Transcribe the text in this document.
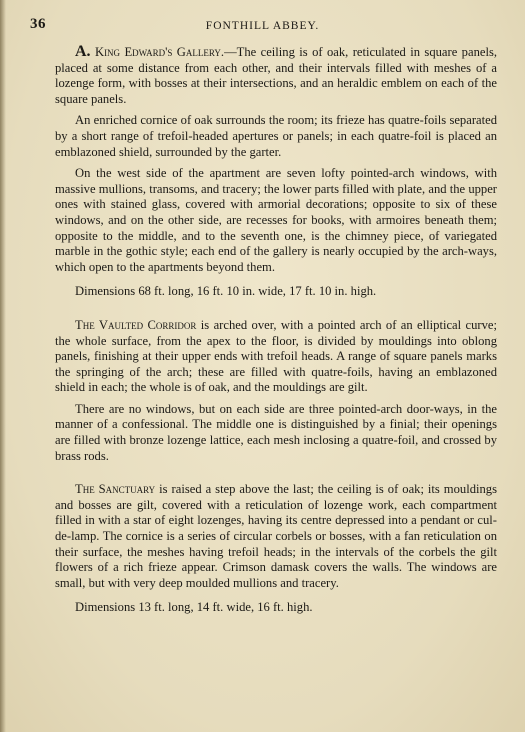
36	FONTHILL ABBEY.

A. King Edward's Gallery.—The ceiling is of oak, reticulated in square panels, placed at some distance from each other, and their intervals filled with meshes of a lozenge form, with bosses at their intersections, and an heraldic emblem on each of the square panels.

An enriched cornice of oak surrounds the room; its frieze has quatre-foils separated by a short range of trefoil-headed apertures or panels; in each quatre-foil is placed an emblazoned shield, surrounded by the garter.

On the west side of the apartment are seven lofty pointed-arch windows, with massive mullions, transoms, and tracery; the lower parts filled with plate, and the upper ones with stained glass, covered with armorial decorations; opposite to six of these windows, and on the other side, are recesses for books, with armoires beneath them; opposite to the middle, and to the seventh one, is the chimney piece, of variegated marble in the gothic style; each end of the gallery is nearly occupied by the arch-ways, which open to the apartments beyond them.

Dimensions 68 ft. long, 16 ft. 10 in. wide, 17 ft. 10 in. high.

The Vaulted Corridor is arched over, with a pointed arch of an elliptical curve; the whole surface, from the apex to the floor, is divided by mouldings into oblong panels, finishing at their upper ends with trefoil heads. A range of square panels marks the springing of the arch; these are filled with quatre-foils, having an emblazoned shield in each; the whole is of oak, and the mouldings are gilt.

There are no windows, but on each side are three pointed-arch door-ways, in the manner of a confessional. The middle one is distinguished by a finial; their openings are filled with bronze lozenge lattice, each mesh inclosing a quatre-foil, and crossed by brass rods.

The Sanctuary is raised a step above the last; the ceiling is of oak; its mouldings and bosses are gilt, covered with a reticulation of lozenge work, each compartment filled in with a star of eight lozenges, having its centre depressed into a pendant or cul-de-lamp. The cornice is a series of circular corbels or bosses, with a fan reticulation on their surface, the meshes having trefoil heads; in the intervals of the corbels the gilt flowers of a rich frieze appear. Crimson damask covers the walls. The windows are small, but with very deep moulded mullions and tracery.

Dimensions 13 ft. long, 14 ft. wide, 16 ft. high.
